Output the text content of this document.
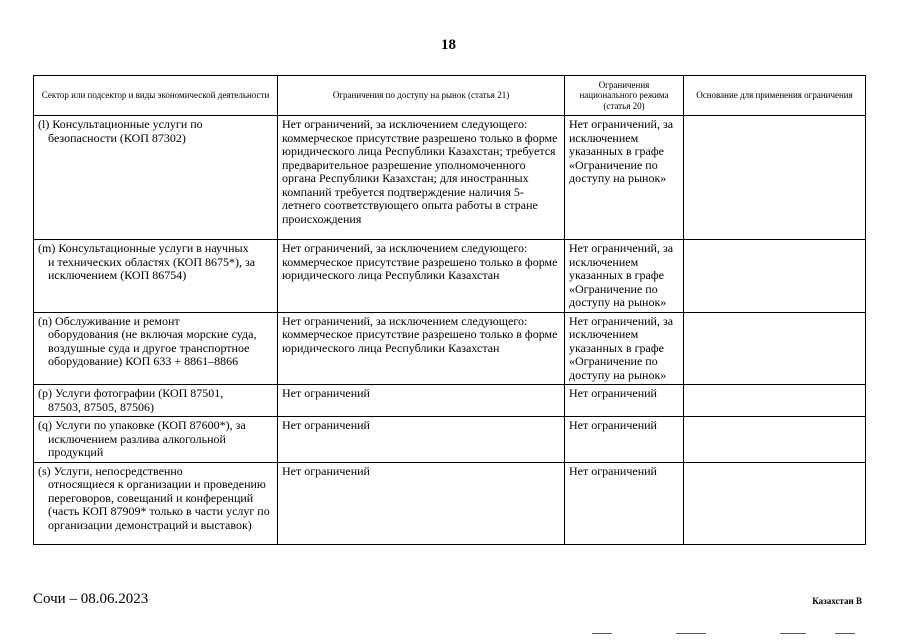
18
Сектор или подсектор и виды экономической деятельности	Ограничения по доступу на рынок (статья 21)	Ограничения национального режима (статья 20)	Основание для применения ограничения
(l) Консультационные услуги по
безопасности (КОП 87302)	Нет ограничений, за исключением следующего: коммерческое присутствие разрешено только в форме юридического лица Республики Казахстан; требуется предварительное разрешение уполномоченного органа Республики Казахстан; для иностранных компаний требуется подтверждение наличия 5-летнего соответствующего опыта работы в стране происхождения	Нет ограничений, за исключением указанных в графе «Ограничение по доступу на рынок»	
(m) Консультационные услуги в научных
и технических областях (КОП 8675*), за исключением (КОП 86754)	Нет ограничений, за исключением следующего: коммерческое присутствие разрешено только в форме юридического лица Республики Казахстан	Нет ограничений, за исключением указанных в графе «Ограничение по доступу на рынок»	
(n) Обслуживание и ремонт
оборудования (не включая морские суда, воздушные суда и другое транспортное оборудование) КОП 633 + 8861–8866	Нет ограничений, за исключением следующего: коммерческое присутствие разрешено только в форме юридического лица Республики Казахстан	Нет ограничений, за исключением указанных в графе «Ограничение по доступу на рынок»	
(p) Услуги фотографии (КОП 87501,
87503, 87505, 87506)	Нет ограничений	Нет ограничений	
(q) Услуги по упаковке (КОП 87600*), за
исключением разлива алкогольной продукций	Нет ограничений	Нет ограничений	
(s) Услуги, непосредственно
относящиеся к организации и проведению переговоров, совещаний и конференций (часть КОП 87909* только в части услуг по организации демонстраций и выставок)	Нет ограничений	Нет ограничений	
Сочи – 08.06.2023	Казахстан В
